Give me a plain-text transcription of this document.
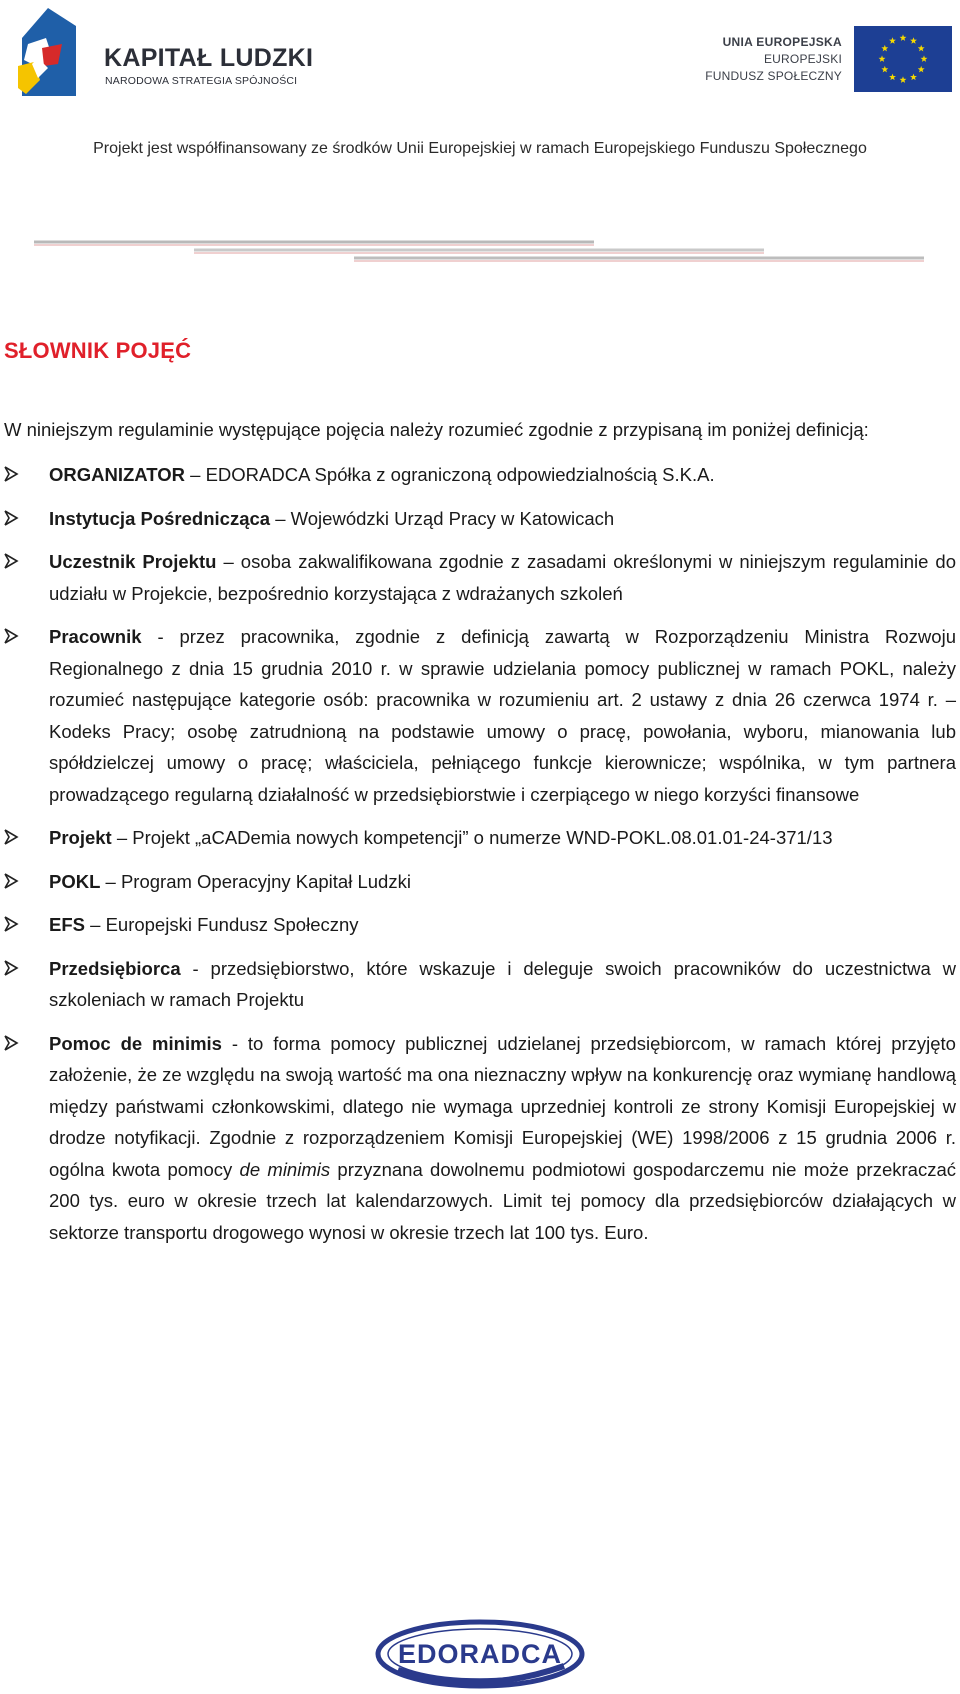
KAPITAŁ LUDZKI
NARODOWA STRATEGIA SPÓJNOŚCI
UNIA EUROPEJSKA
EUROPEJSKI
FUNDUSZ SPOŁECZNY
Projekt jest współfinansowany ze środków Unii Europejskiej w ramach Europejskiego Funduszu Społecznego
SŁOWNIK POJĘĆ
W niniejszym regulaminie występujące pojęcia należy rozumieć zgodnie z przypisaną im poniżej definicją:
ORGANIZATOR – EDORADCA Spółka z ograniczoną odpowiedzialnością S.K.A.
Instytucja Pośrednicząca – Wojewódzki Urząd Pracy w Katowicach
Uczestnik Projektu – osoba zakwalifikowana zgodnie z zasadami określonymi w niniejszym regulaminie do udziału w Projekcie, bezpośrednio korzystająca z wdrażanych szkoleń
Pracownik - przez pracownika, zgodnie z definicją zawartą w Rozporządzeniu Ministra Rozwoju Regionalnego z dnia 15 grudnia 2010 r. w sprawie udzielania pomocy publicznej w ramach POKL, należy rozumieć następujące kategorie osób: pracownika w rozumieniu art. 2 ustawy z dnia 26 czerwca 1974 r. – Kodeks Pracy; osobę zatrudnioną na podstawie umowy o pracę, powołania, wyboru, mianowania lub spółdzielczej umowy o pracę; właściciela, pełniącego funkcje kierownicze; wspólnika, w tym partnera prowadzącego regularną działalność w przedsiębiorstwie i czerpiącego w niego korzyści finansowe
Projekt – Projekt „aCADemia nowych kompetencji” o numerze WND-POKL.08.01.01-24-371/13
POKL – Program Operacyjny Kapitał Ludzki
EFS – Europejski Fundusz Społeczny
Przedsiębiorca - przedsiębiorstwo, które wskazuje i deleguje swoich pracowników do uczestnictwa w szkoleniach w ramach Projektu
Pomoc de minimis - to forma pomocy publicznej udzielanej przedsiębiorcom, w ramach której przyjęto założenie, że ze względu na swoją wartość ma ona nieznaczny wpływ na konkurencję oraz wymianę handlową między państwami członkowskimi, dlatego nie wymaga uprzedniej kontroli ze strony Komisji Europejskiej w drodze notyfikacji. Zgodnie z rozporządzeniem Komisji Europejskiej (WE) 1998/2006 z 15 grudnia 2006 r. ogólna kwota pomocy de minimis przyznana dowolnemu podmiotowi gospodarczemu nie może przekraczać 200 tys. euro w okresie trzech lat kalendarzowych. Limit tej pomocy dla przedsiębiorców działających w sektorze transportu drogowego wynosi w okresie trzech lat 100 tys. Euro.
EDORADCA
